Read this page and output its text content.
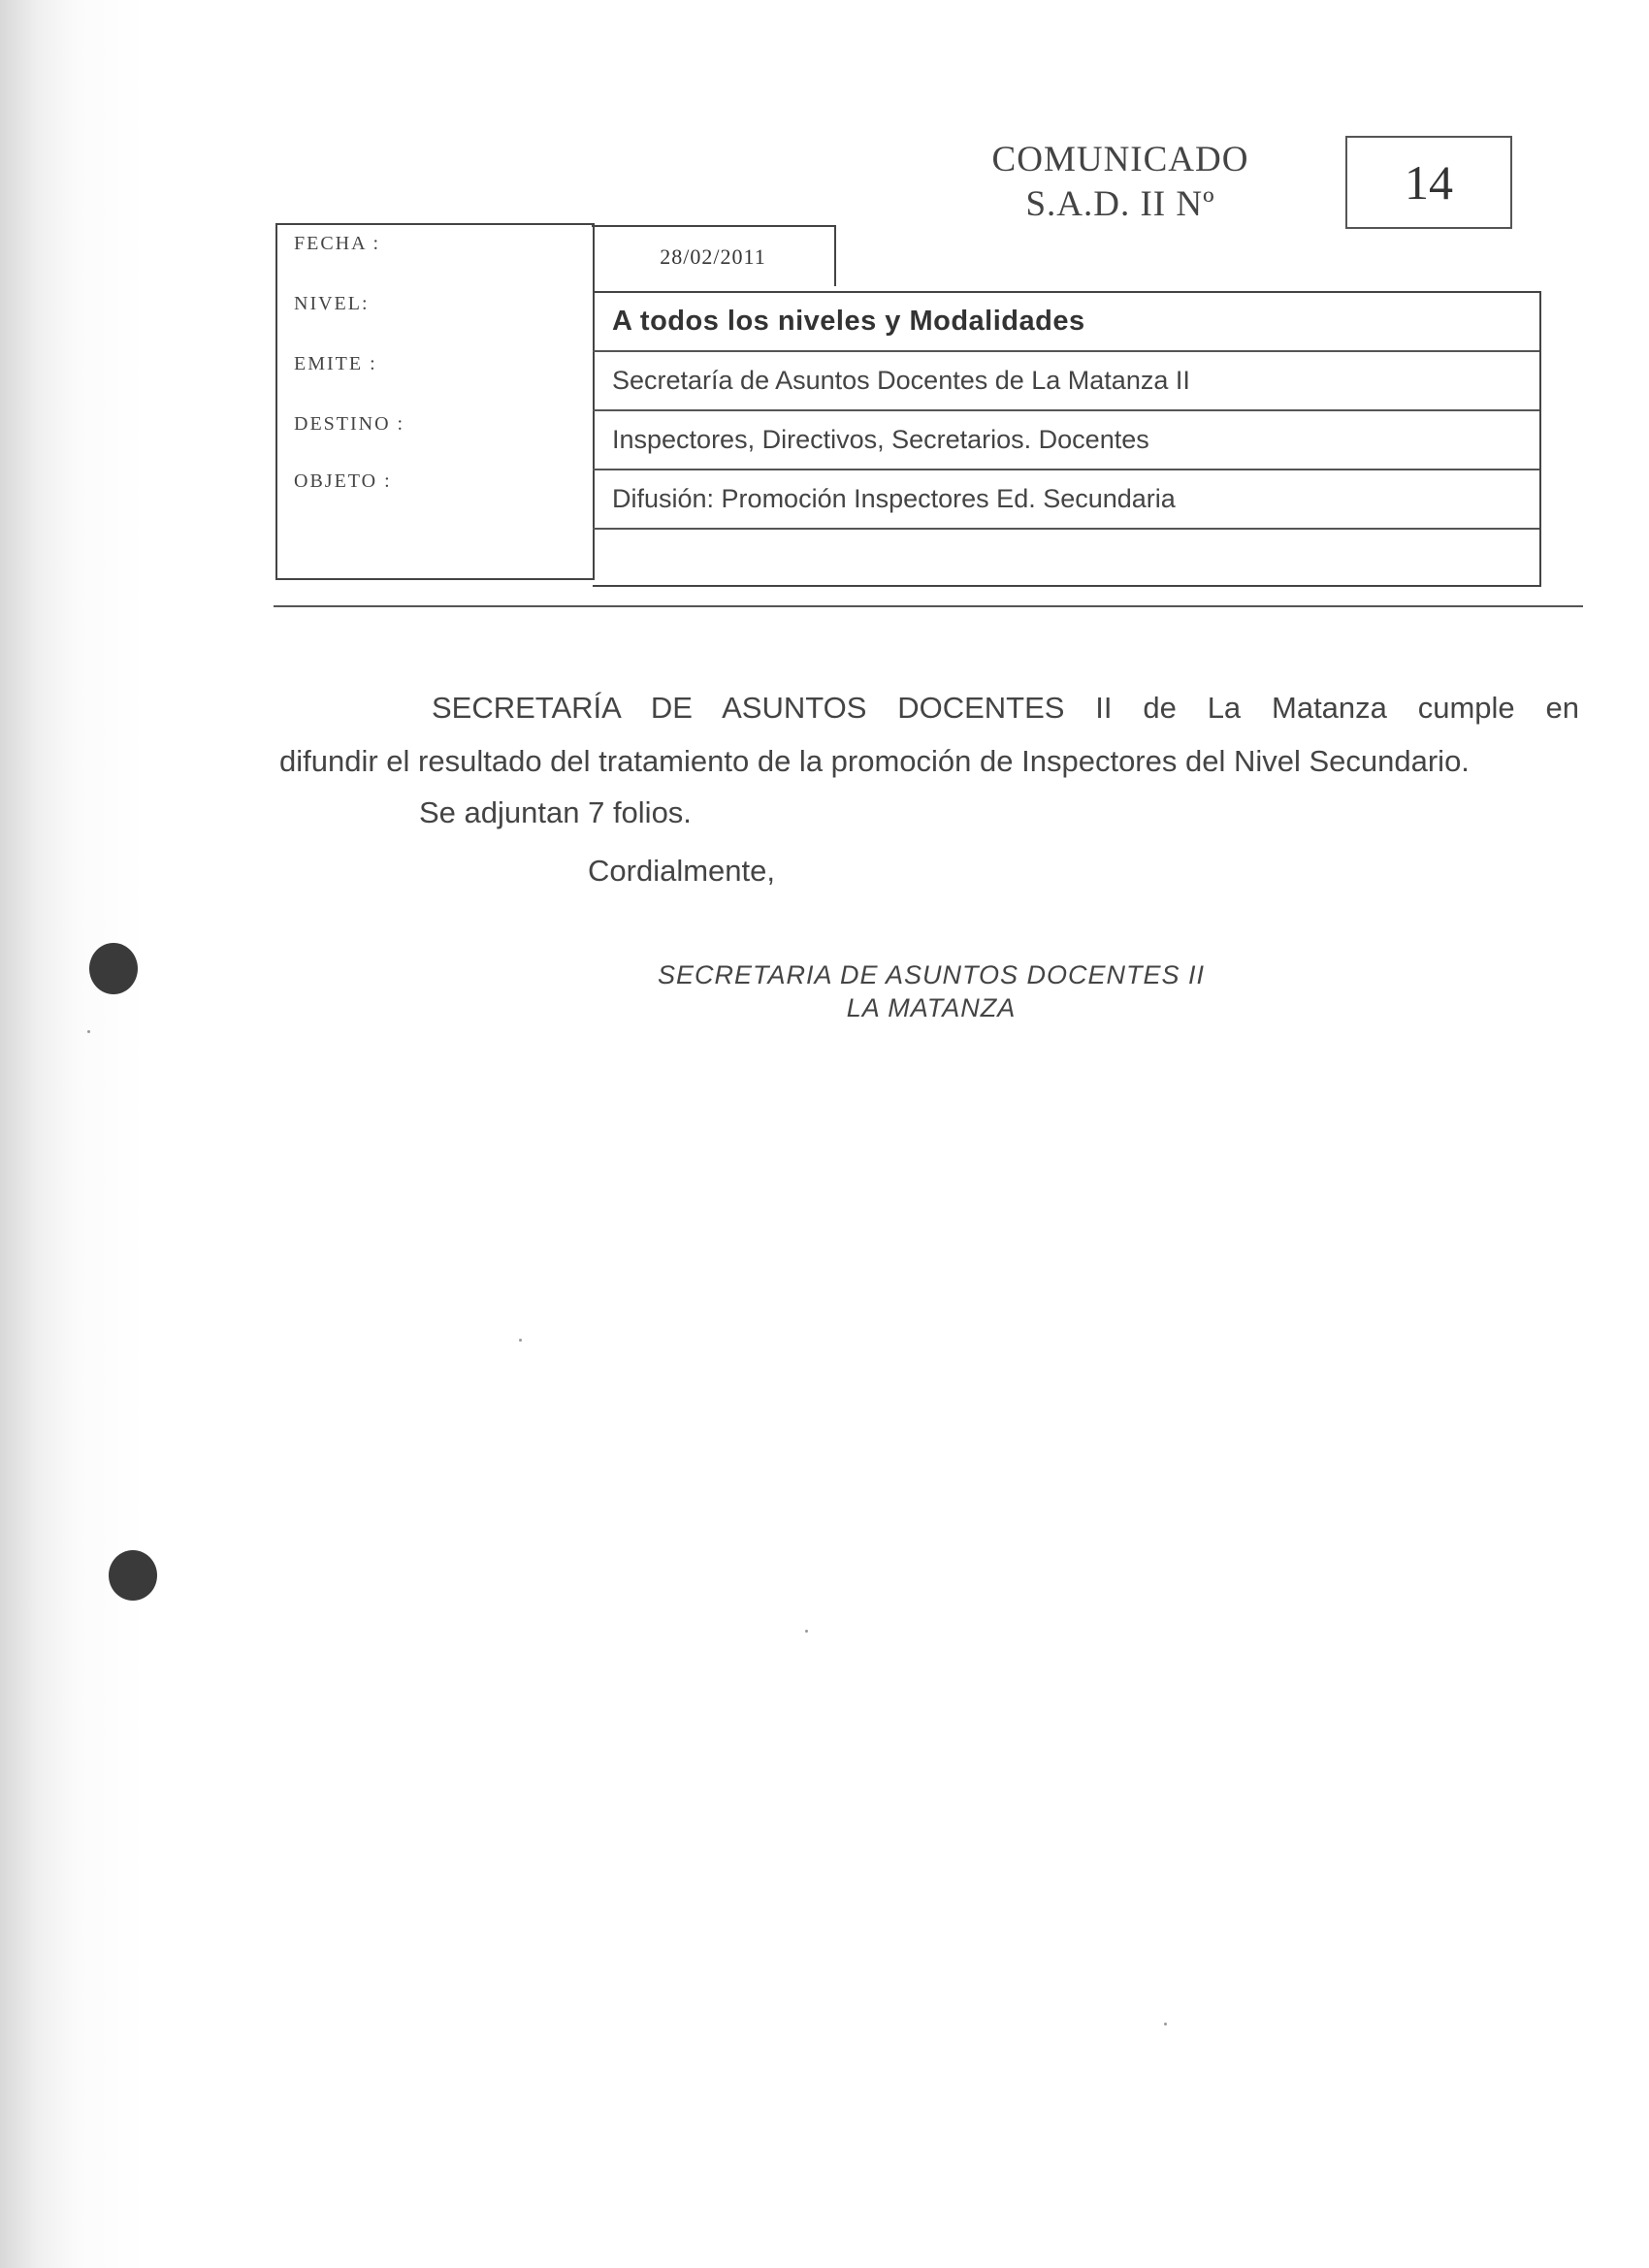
COMUNICADO
S.A.D. II Nº	14
FECHA :
NIVEL:
EMITE :
DESTINO :
OBJETO :
28/02/2011
A todos los niveles y Modalidades
Secretaría de Asuntos Docentes de La Matanza II
Inspectores, Directivos, Secretarios. Docentes
Difusión: Promoción Inspectores Ed. Secundaria
SECRETARÍA DE ASUNTOS DOCENTES II de La Matanza cumple en
difundir el resultado del tratamiento de la promoción de Inspectores del Nivel Secundario.
Se adjuntan 7 folios.
Cordialmente,
SECRETARIA DE ASUNTOS DOCENTES II
LA MATANZA
